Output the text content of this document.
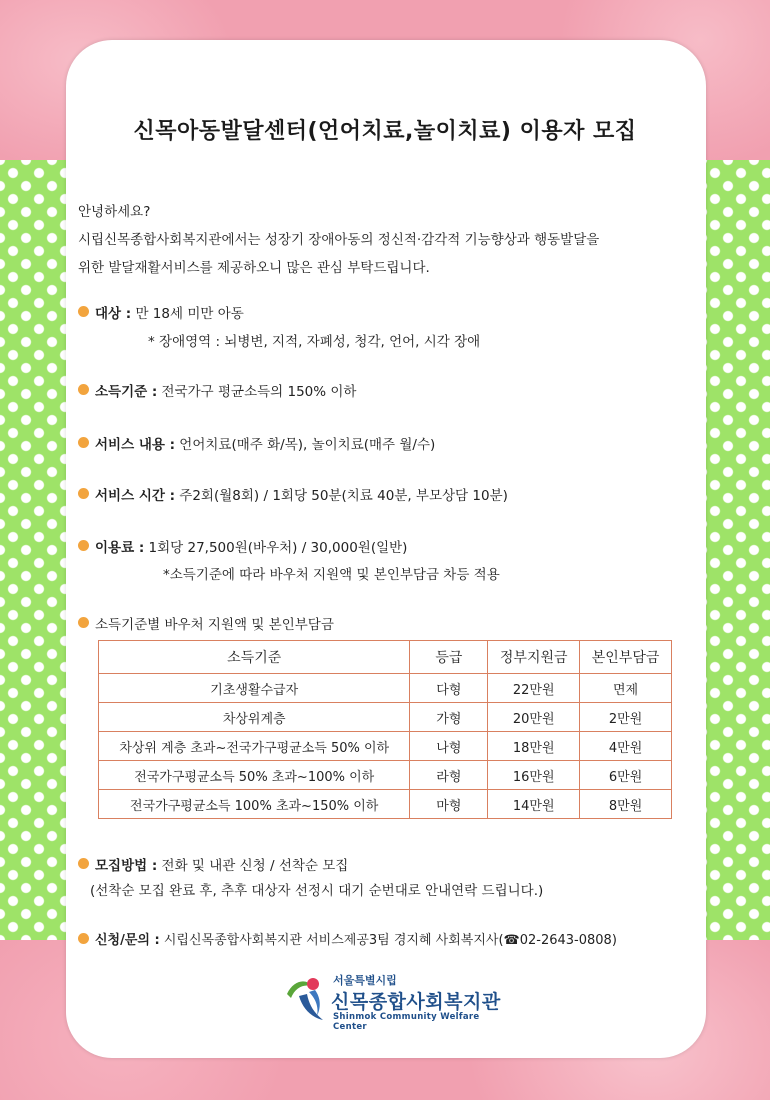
신목아동발달센터(언어치료,놀이치료) 이용자 모집
안녕하세요?
시립신목종합사회복지관에서는 성장기 장애아동의 정신적·감각적 기능향상과 행동발달을
위한 발달재활서비스를 제공하오니 많은 관심 부탁드립니다.
대상 : 만 18세 미만 아동
* 장애영역 : 뇌병변, 지적, 자폐성, 청각, 언어, 시각 장애
소득기준 : 전국가구 평균소득의 150% 이하
서비스 내용 : 언어치료(매주 화/목), 놀이치료(매주 월/수)
서비스 시간 : 주2회(월8회) / 1회당 50분(치료 40분, 부모상담 10분)
이용료 : 1회당 27,500원(바우처) / 30,000원(일반)
*소득기준에 따라 바우처 지원액 및 본인부담금 차등 적용
소득기준별 바우처 지원액 및 본인부담금
소득기준	등급	정부지원금	본인부담금
기초생활수급자	다형	22만원	면제
차상위계층	가형	20만원	2만원
차상위 계층 초과~전국가구평균소득 50% 이하	나형	18만원	4만원
전국가구평균소득 50% 초과~100% 이하	라형	16만원	6만원
전국가구평균소득 100% 초과~150% 이하	마형	14만원	8만원
모집방법 : 전화 및 내관 신청 / 선착순 모집
(선착순 모집 완료 후, 추후 대상자 선정시 대기 순번대로 안내연락 드립니다.)
신청/문의 : 시립신목종합사회복지관 서비스제공3팀 경지혜 사회복지사(☎02-2643-0808)
서울특별시립
신목종합사회복지관
Shinmok Community Welfare Center
